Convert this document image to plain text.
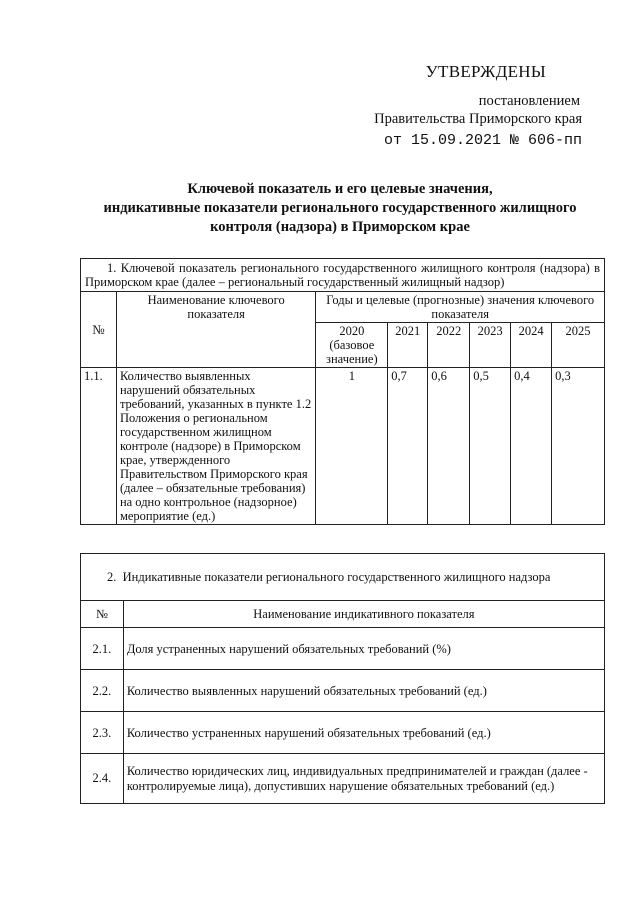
УТВЕРЖДЕНЫ
постановлением
Правительства Приморского края
от 15.09.2021 № 606-пп
Ключевой показатель и его целевые значения,
индикативные показатели регионального государственного жилищного
контроля (надзора) в Приморском крае
1. Ключевой показатель регионального государственного жилищного контроля (надзора) в Приморском крае (далее – региональный государственный жилищный надзор)							
№	Наименование ключевого показателя	Годы и целевые (прогнозные) значения ключевого показателя					
		2020 (базовое значение)	2021	2022	2023	2024	2025
1.1.	Количество выявленных нарушений обязательных требований, указанных в пункте 1.2 Положения о региональном государственном жилищном контроле (надзоре) в Приморском крае, утвержденного Правительством Приморского края (далее – обязательные требования) на одно контрольное (надзорное) мероприятие (ед.)	1	0,7	0,6	0,5	0,4	0,3
2. Индикативные показатели регионального государственного жилищного надзора	
№	Наименование индикативного показателя
2.1.	Доля устраненных нарушений обязательных требований (%)
2.2.	Количество выявленных нарушений обязательных требований (ед.)
2.3.	Количество устраненных нарушений обязательных требований (ед.)
2.4.	Количество юридических лиц, индивидуальных предпринимателей и граждан (далее - контролируемые лица), допустивших нарушение обязательных требований (ед.)
